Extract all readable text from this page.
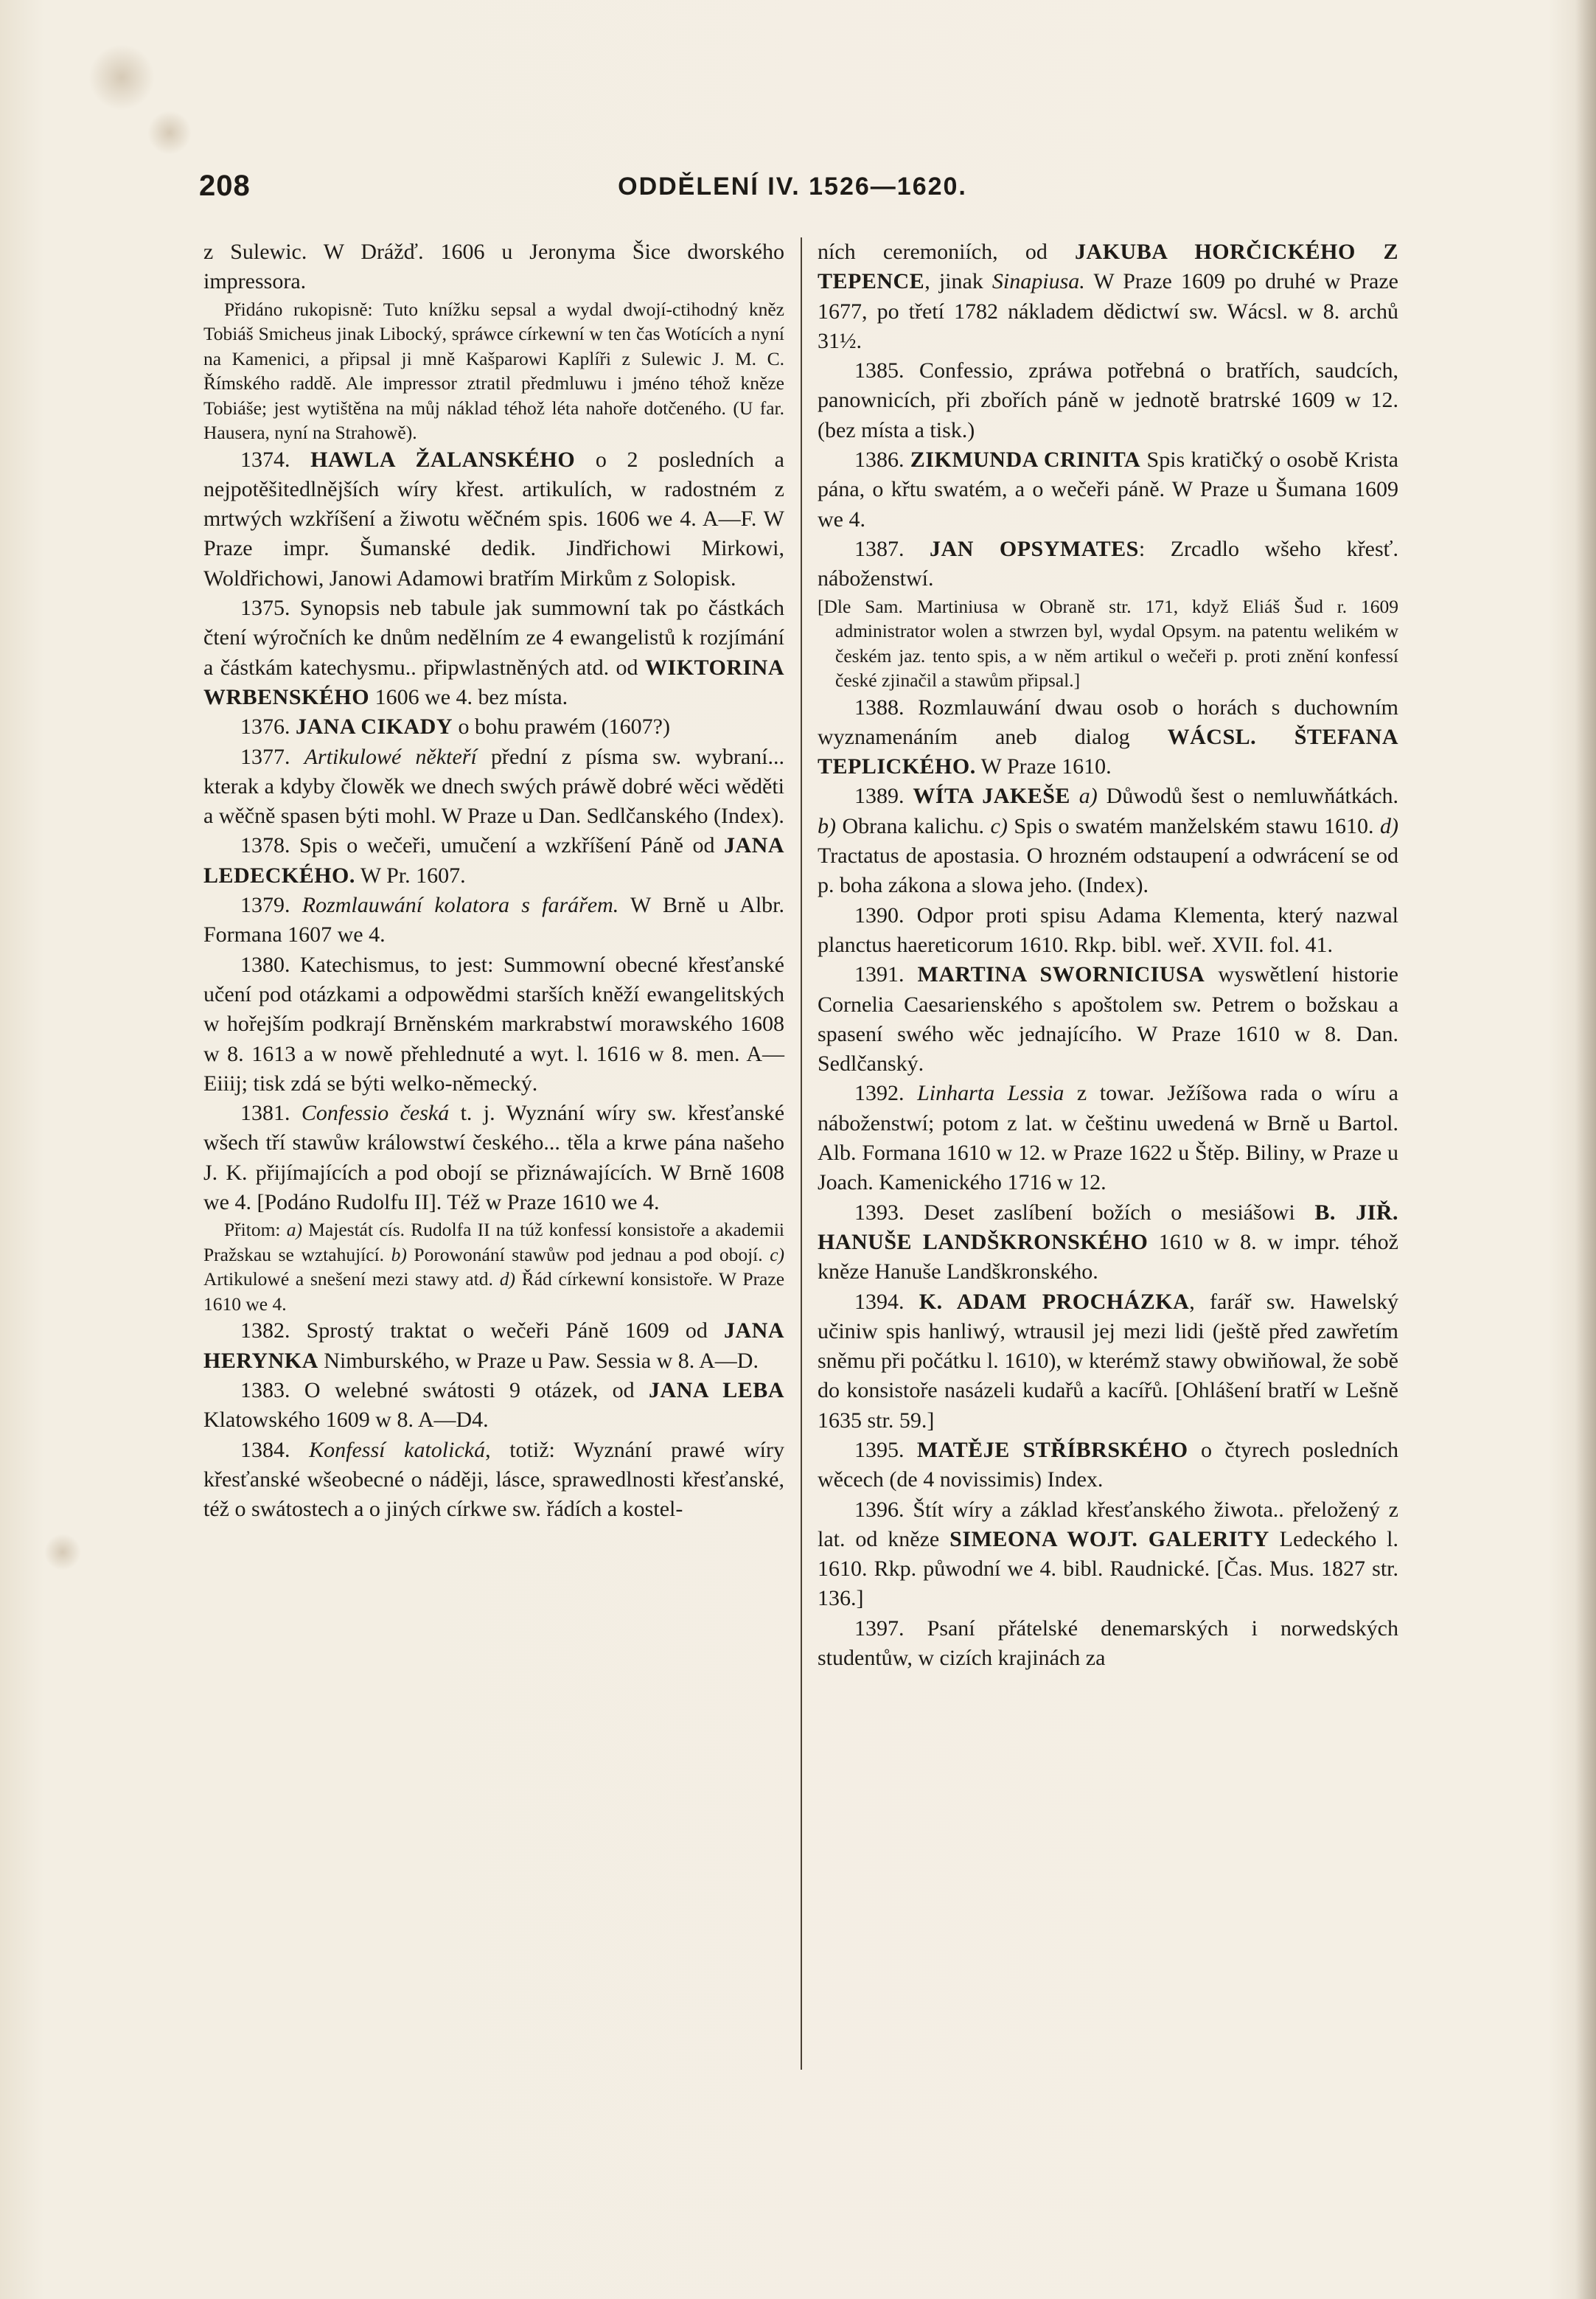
208	ODDĚLENÍ IV. 1526—1620.

z Sulewic. W Drážď. 1606 u Jeronyma Šice dworského impressora.

Přidáno rukopisně: Tuto knížku sepsal a wydal dwojí-ctihodný kněz Tobiáš Smicheus jinak Libocký, spráwce církewní w ten čas Wotících a nyní na Kamenici, a připsal ji mně Kašparowi Kaplíři z Sulewic J. M. C. Římského raddě. Ale impressor ztratil předmluwu i jméno téhož kněze Tobiáše; jest wytištěna na můj náklad téhož léta nahoře dotčeného. (U far. Hausera, nyní na Strahowě).

1374. HAWLA ŽALANSKÉHO o 2 posledních a nejpotěšitedlnějších wíry křest. artikulích, w radostném z mrtwých wzkříšení a žiwotu wěčném spis. 1606 we 4. A—F. W Praze impr. Šumanské dedik. Jindřichowi Mirkowi, Woldřichowi, Janowi Adamowi bratřím Mirkům z Solopisk.

1375. Synopsis neb tabule jak summowní tak po částkách čtení wýročních ke dnům nedělním ze 4 ewangelistů k rozjímání a částkám katechysmu.. připwlastněných atd. od WIKTORINA WRBENSKÉHO 1606 we 4. bez místa.

1376. JANA CIKADY o bohu prawém (1607?)

1377. Artikulowé někteří přední z písma sw. wybraní... kterak a kdyby člowěk we dnech swých práwě dobré wěci wěděti a wěčně spasen býti mohl. W Praze u Dan. Sedlčanského (Index).

1378. Spis o wečeři, umučení a wzkříšení Páně od JANA LEDECKÉHO. W Pr. 1607.

1379. Rozmlauwání kolatora s farářem. W Brně u Albr. Formana 1607 we 4.

1380. Katechismus, to jest: Summowní obecné křesťanské učení pod otázkami a odpowědmi starších kněží ewangelitských w hořejším podkrají Brněnském markrabstwí morawského 1608 w 8. 1613 a w nowě přehlednuté a wyt. l. 1616 w 8. men. A—Eiiij; tisk zdá se býti welko-německý.

1381. Confessio česká t. j. Wyznání wíry sw. křesťanské wšech tří stawůw králowstwí českého... těla a krwe pána našeho J. K. přijímajících a pod obojí se přiznáwajících. W Brně 1608 we 4. [Podáno Rudolfu II]. Též w Praze 1610 we 4.

Přitom: a) Majestát cís. Rudolfa II na túž konfessí konsistoře a akademii Pražskau se wztahující. b) Porowonání stawůw pod jednau a pod obojí. c) Artikulowé a snešení mezi stawy atd. d) Řád církewní konsistoře. W Praze 1610 we 4.

1382. Sprostý traktat o wečeři Páně 1609 od JANA HERYNKA Nimburského, w Praze u Paw. Sessia w 8. A—D.

1383. O welebné swátosti 9 otázek, od JANA LEBA Klatowského 1609 w 8. A—D4.

1384. Konfessí katolická, totiž: Wyznání prawé wíry křesťanské wšeobecné o náději, lásce, sprawedlnosti křesťanské, též o swátostech a o jiných církwe sw. řádích a kostel-

ních ceremoniích, od JAKUBA HORČICKÉHO Z TEPENCE, jinak Sinapiusa. W Praze 1609 po druhé w Praze 1677, po třetí 1782 nákladem dědictwí sw. Wácsl. w 8. archů 31½.

1385. Confessio, zpráwa potřebná o bratřích, saudcích, panownicích, při zbořích páně w jednotě bratrské 1609 w 12. (bez místa a tisk.)

1386. ZIKMUNDA CRINITA Spis kratičký o osobě Krista pána, o křtu swatém, a o wečeři páně. W Praze u Šumana 1609 we 4.

1387. JAN OPSYMATES: Zrcadlo wšeho křesť. náboženstwí.

[Dle Sam. Martiniusa w Obraně str. 171, když Eliáš Šud r. 1609 administrator wolen a stwrzen byl, wydal Opsym. na patentu welikém w českém jaz. tento spis, a w něm artikul o wečeři p. proti znění konfessí české zjinačil a stawům připsal.]

1388. Rozmlauwání dwau osob o horách s duchowním wyznamenáním aneb dialog WÁCSL. ŠTEFANA TEPLICKÉHO. W Praze 1610.

1389. WÍTA JAKEŠE a) Důwodů šest o nemluwňátkách. b) Obrana kalichu. c) Spis o swatém manželském stawu 1610. d) Tractatus de apostasia. O hrozném odstaupení a odwrácení se od p. boha zákona a slowa jeho. (Index).

1390. Odpor proti spisu Adama Klementa, který nazwal planctus haereticorum 1610. Rkp. bibl. weř. XVII. fol. 41.

1391. MARTINA SWORNICIUSA wyswětlení historie Cornelia Caesarienského s apoštolem sw. Petrem o božskau a spasení swého wěc jednajícího. W Praze 1610 w 8. Dan. Sedlčanský.

1392. Linharta Lessia z towar. Ježíšowa rada o wíru a náboženstwí; potom z lat. w češtinu uwedená w Brně u Bartol. Alb. Formana 1610 w 12. w Praze 1622 u Štěp. Biliny, w Praze u Joach. Kamenického 1716 w 12.

1393. Deset zaslíbení božích o mesiášowi B. JIŘ. HANUŠE LANDŠKRONSKÉHO 1610 w 8. w impr. téhož kněze Hanuše Landškronského.

1394. K. ADAM PROCHÁZKA, farář sw. Hawelský učiniw spis hanliwý, wtrausil jej mezi lidi (ještě před zawřetím sněmu při počátku l. 1610), w kterémž stawy obwiňowal, že sobě do konsistoře nasázeli kudařů a kacířů. [Ohlášení bratří w Lešně 1635 str. 59.]

1395. MATĚJE STŘÍBRSKÉHO o čtyrech posledních wěcech (de 4 novissimis) Index.

1396. Štít wíry a základ křesťanského žiwota.. přeložený z lat. od kněze SIMEONA WOJT. GALERITY Ledeckého l. 1610. Rkp. půwodní we 4. bibl. Raudnické. [Čas. Mus. 1827 str. 136.]

1397. Psaní přátelské denemarských i norwedských studentůw, w cizích krajinách za
